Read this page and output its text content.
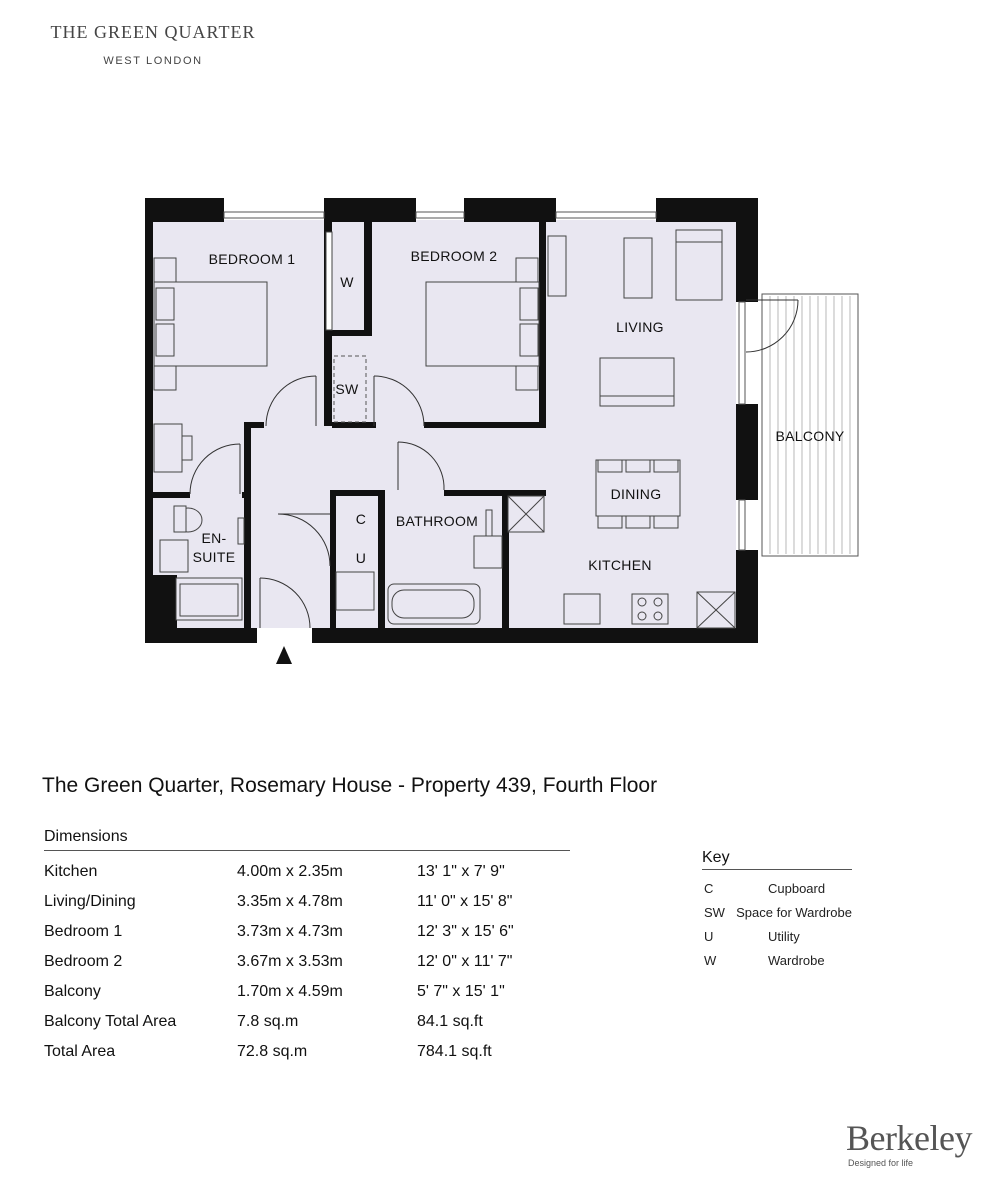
THE GREEN QUARTER
WEST LONDON
BEDROOM 1	BEDROOM 2
W
SW
LIVING
BALCONY
DINING
KITCHEN
C
U
BATHROOM
EN-
SUITE
The Green Quarter, Rosemary House - Property 439, Fourth Floor
Dimensions
Kitchen	4.00m x 2.35m	13' 1" x 7' 9"
Living/Dining	3.35m x 4.78m	11' 0" x 15' 8"
Bedroom 1	3.73m x 4.73m	12' 3" x 15' 6"
Bedroom 2	3.67m x 3.53m	12' 0" x 11' 7"
Balcony	1.70m x 4.59m	5' 7" x 15' 1"
Balcony Total Area	7.8 sq.m	84.1 sq.ft
Total Area	72.8 sq.m	784.1 sq.ft
Key
C	Cupboard
SW Space for Wardrobe
U	Utility
W	Wardrobe
Berkeley
Designed for life
